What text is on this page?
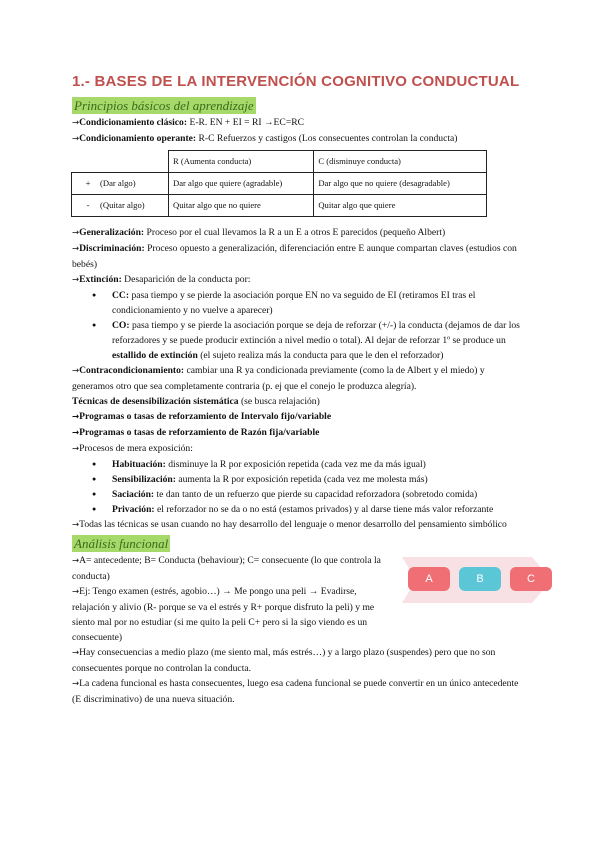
1.- BASES DE LA INTERVENCIÓN COGNITIVO CONDUCTUAL
Principios básicos del aprendizaje

→Condicionamiento clásico: E-R. EN + EI = RI →EC=RC

→Condicionamiento operante: R-C Refuerzos y castigos (Los consecuentes controlan la conducta)

	R (Aumenta conducta)	C (disminuye conducta)

+ (Dar algo)	Dar algo que quiere (agradable)	Dar algo que no quiere (desagradable)

- (Quitar algo)	Quitar algo que no quiere	Quitar algo que quiere

→Generalización: Proceso por el cual llevamos la R a un E a otros E parecidos (pequeño Albert)

→Discriminación: Proceso opuesto a generalización, diferenciación entre E aunque compartan claves (estudios con bebés)

→Extinción: Desaparición de la conducta por:

● CC: pasa tiempo y se pierde la asociación porque EN no va seguido de EI (retiramos EI tras el condicionamiento y no vuelve a aparecer)
● CO: pasa tiempo y se pierde la asociación porque se deja de reforzar (+/-) la conducta (dejamos de dar los reforzadores y se puede producir extinción a nivel medio o total). Al dejar de reforzar 1º se produce un estallido de extinción (el sujeto realiza más la conducta para que le den el reforzador)

→Contracondicionamiento: cambiar una R ya condicionada previamente (como la de Albert y el miedo) y generamos otro que sea completamente contraria (p. ej que el conejo le produzca alegría).

Técnicas de desensibilización sistemática (se busca relajación)

→Programas o tasas de reforzamiento de Intervalo fijo/variable

→Programas o tasas de reforzamiento de Razón fija/variable

→Procesos de mera exposición:

● Habituación: disminuye la R por exposición repetida (cada vez me da más igual)
● Sensibilización: aumenta la R por exposición repetida (cada vez me molesta más)
● Saciación: te dan tanto de un refuerzo que pierde su capacidad reforzadora (sobretodo comida)
● Privación: el reforzador no se da o no está (estamos privados) y al darse tiene más valor reforzante

→Todas las técnicas se usan cuando no hay desarrollo del lenguaje o menor desarrollo del pensamiento simbólico

Análisis funcional
A	B	C

→A= antecedente; B= Conducta (behaviour); C= consecuente (lo que controla la conducta)

→Ej: Tengo examen (estrés, agobio…) → Me pongo una peli → Evadirse, relajación y alivio (R- porque se va el estrés y R+ porque disfruto la peli) y me siento mal por no estudiar (si me quito la peli C+ pero si la sigo viendo es un consecuente)

→Hay consecuencias a medio plazo (me siento mal, más estrés…) y a largo plazo (suspendes) pero que no son consecuentes porque no controlan la conducta.

→La cadena funcional es hasta consecuentes, luego esa cadena funcional se puede convertir en un único antecedente (E discriminativo) de una nueva situación.
